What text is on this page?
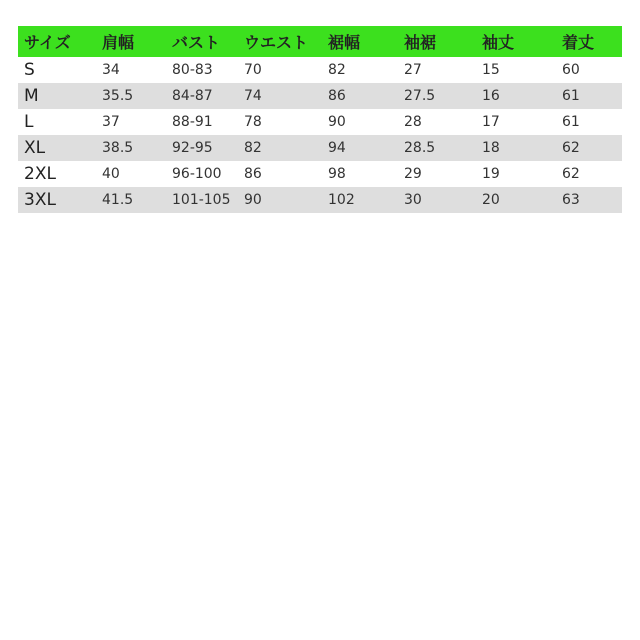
サイズ	肩幅	バスト	ウエスト	裾幅	袖裾	袖丈	着丈
S	34	80-83	70	82	27	15	60
M	35.5	84-87	74	86	27.5	16	61
L	37	88-91	78	90	28	17	61
XL	38.5	92-95	82	94	28.5	18	62
2XL	40	96-100	86	98	29	19	62
3XL	41.5	101-105	90	102	30	20	63
